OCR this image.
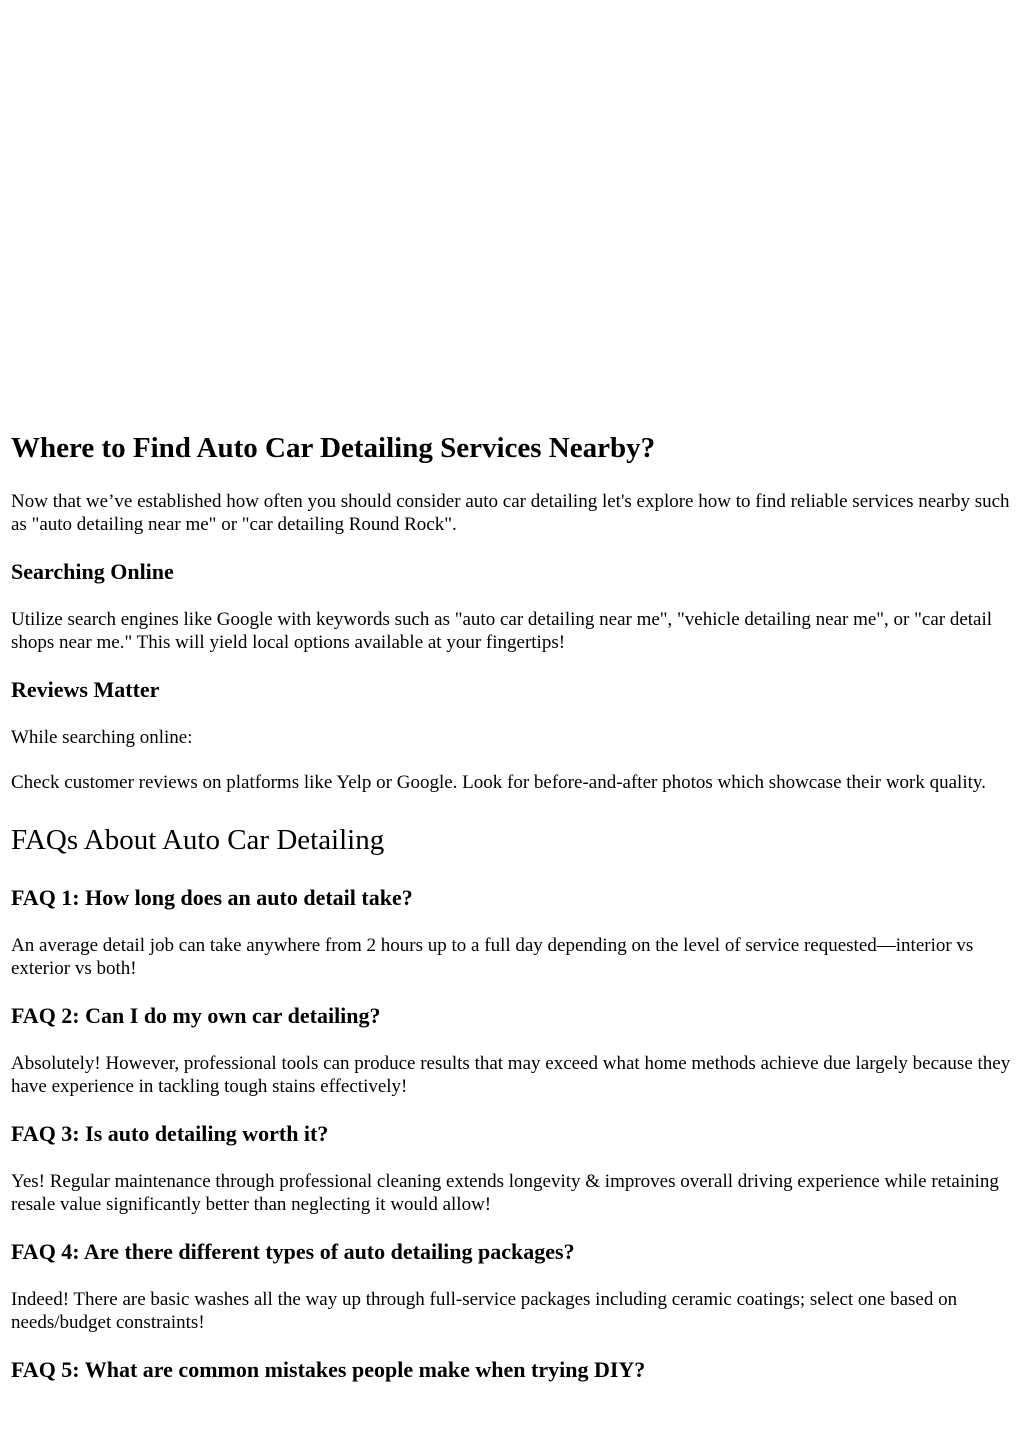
Where to Find Auto Car Detailing Services Nearby?

Now that we’ve established how often you should consider auto car detailing let's explore how to find reliable services nearby such as "auto detailing near me" or "car detailing Round Rock".

Searching Online

Utilize search engines like Google with keywords such as "auto car detailing near me", "vehicle detailing near me", or "car detail shops near me." This will yield local options available at your fingertips!

Reviews Matter

While searching online:

Check customer reviews on platforms like Yelp or Google. Look for before-and-after photos which showcase their work quality.

FAQs About Auto Car Detailing
FAQ 1: How long does an auto detail take?

An average detail job can take anywhere from 2 hours up to a full day depending on the level of service requested—interior vs exterior vs both!

FAQ 2: Can I do my own car detailing?

Absolutely! However, professional tools can produce results that may exceed what home methods achieve due largely because they have experience in tackling tough stains effectively!

FAQ 3: Is auto detailing worth it?

Yes! Regular maintenance through professional cleaning extends longevity & improves overall driving experience while retaining resale value significantly better than neglecting it would allow!

FAQ 4: Are there different types of auto detailing packages?

Indeed! There are basic washes all the way up through full-service packages including ceramic coatings; select one based on needs/budget constraints!

FAQ 5: What are common mistakes people make when trying DIY?
